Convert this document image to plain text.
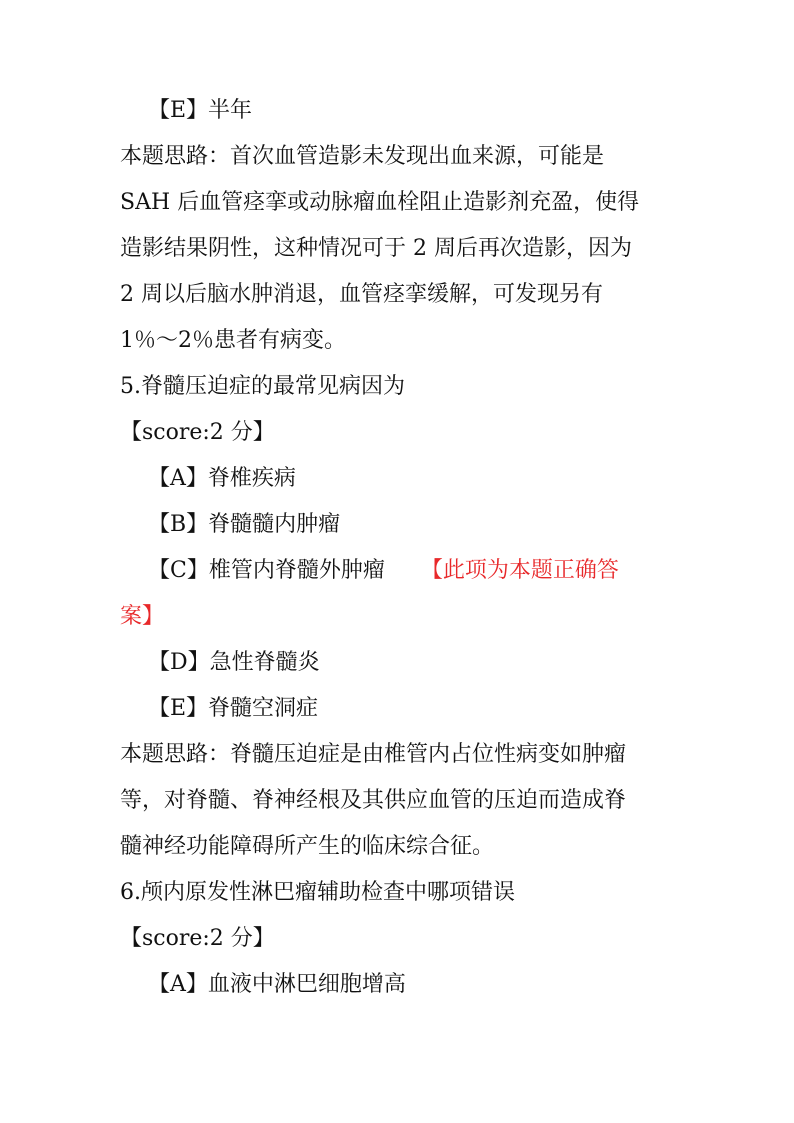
【E】半年
本题思路：首次血管造影未发现出血来源，可能是
SAH 后血管痉挛或动脉瘤血栓阻止造影剂充盈，使得
造影结果阴性，这种情况可于 2 周后再次造影，因为
2 周以后脑水肿消退，血管痉挛缓解，可发现另有
1％～2％患者有病变。
5.脊髓压迫症的最常见病因为
【score:2 分】
【A】脊椎疾病
【B】脊髓髓内肿瘤
【C】椎管内脊髓外肿瘤 【此项为本题正确答
案】
【D】急性脊髓炎
【E】脊髓空洞症
本题思路：脊髓压迫症是由椎管内占位性病变如肿瘤
等，对脊髓、脊神经根及其供应血管的压迫而造成脊
髓神经功能障碍所产生的临床综合征。
6.颅内原发性淋巴瘤辅助检查中哪项错误
【score:2 分】
【A】血液中淋巴细胞增高
